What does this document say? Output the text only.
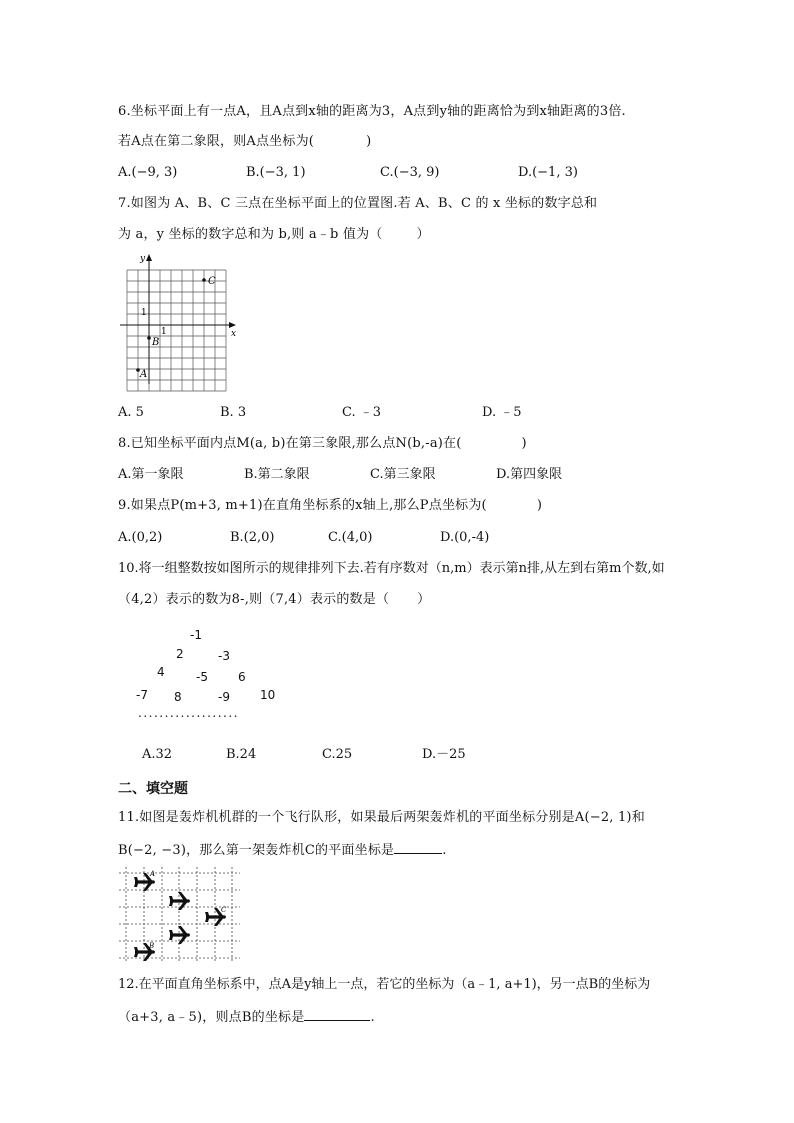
6.坐标平面上有一点A，且A点到x轴的距离为3，A点到y轴的距离恰为到x轴距离的3倍.
若A点在第二象限，则A点坐标为(	)
A.(−9, 3)	B.(−3, 1)	C.(−3, 9)	D.(−1, 3)
7.如图为 A、B、C 三点在坐标平面上的位置图.若 A、B、C 的 x 坐标的数字总和
为 a，y 坐标的数字总和为 b,则 a﹣b 值为（	）
x
y
1
1
C
B
A
A. 5	B. 3	C. ﹣3	D. ﹣5
8.已知坐标平面内点M(a, b)在第三象限,那么点N(b,-a)在(	)
A.第一象限	B.第二象限	C.第三象限	D.第四象限
9.如果点P(m+3, m+1)在直角坐标系的x轴上,那么P点坐标为(	)
A.(0,2)	B.(2,0)	C.(4,0)	D.(0,-4)
10.将一组整数按如图所示的规律排列下去.若有序数对（n,m）表示第n排,从左到右第m个数,如
（4,2）表示的数为8-,则（7,4）表示的数是（ ）
-1
2	-3
4	-5	6
-7 8	-9	10
...................
A.32	B.24	C.25	D.－25
二、填空题
11.如图是轰炸机机群的一个飞行队形，如果最后两架轰炸机的平面坐标分别是A(−2, 1)和
B(−2, −3)，那么第一架轰炸机C的平面坐标是	.
A
C
B
12.在平面直角坐标系中，点A是y轴上一点，若它的坐标为（a﹣1, a+1)，另一点B的坐标为
（a+3, a﹣5)，则点B的坐标是	.
